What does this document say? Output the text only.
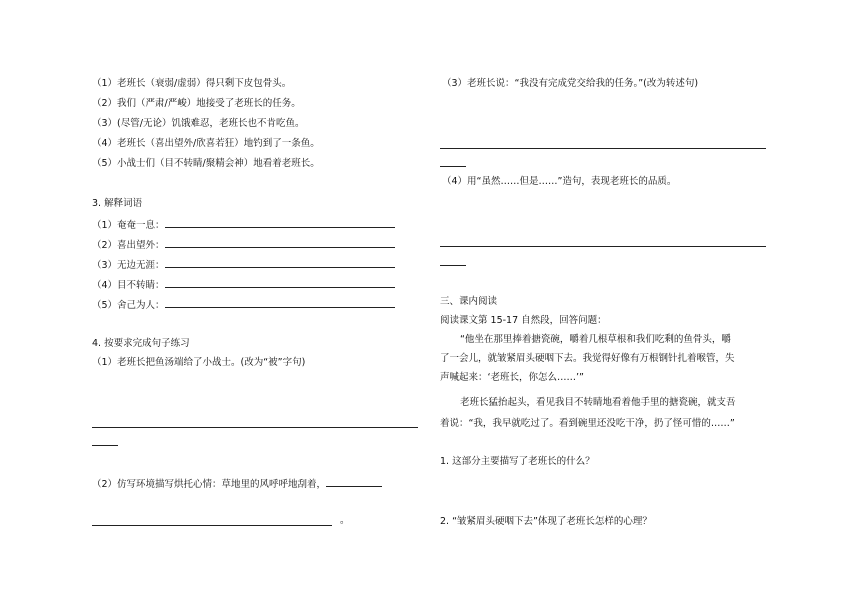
（1）老班长（衰弱/虚弱）得只剩下皮包骨头。
（2）我们（严肃/严峻）地接受了老班长的任务。
（3）(尽管/无论）饥饿难忍，老班长也不肯吃鱼。
（4）老班长（喜出望外/欣喜若狂）地钓到了一条鱼。
（5）小战士们（目不转睛/聚精会神）地看着老班长。
3. 解释词语
（1）奄奄一息：
（2）喜出望外：
（3）无边无涯：
（4）目不转睛：
（5）舍己为人：
4. 按要求完成句子练习
（1）老班长把鱼汤端给了小战士。(改为“被”字句)
（2）仿写环境描写烘托心情：草地里的风呼呼地刮着，
。
（3）老班长说：“我没有完成党交给我的任务。”(改为转述句)
（4）用“虽然……但是……”造句，表现老班长的品质。
三、课内阅读
阅读课文第 15-17 自然段，回答问题：
“他坐在那里捧着搪瓷碗，嚼着几根草根和我们吃剩的鱼骨头，嚼
了一会儿，就皱紧眉头硬咽下去。我觉得好像有万根钢针扎着喉管，失
声喊起来：‘老班长，你怎么……’”
老班长猛抬起头，看见我目不转睛地看着他手里的搪瓷碗，就支吾
着说：“我，我早就吃过了。看到碗里还没吃干净，扔了怪可惜的……”
1. 这部分主要描写了老班长的什么？
2. “皱紧眉头硬咽下去”体现了老班长怎样的心理？
